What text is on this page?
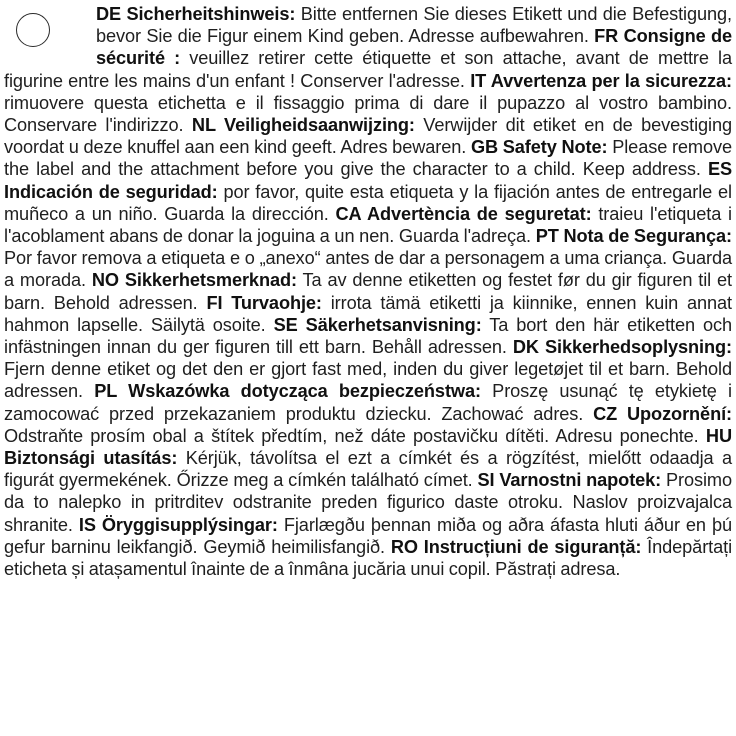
DE Sicherheitshinweis: Bitte entfernen Sie dieses Etikett und die Befestigung, bevor Sie die Figur einem Kind geben. Adresse aufbewahren. FR Consigne de sécurité : veuillez retirer cette étiquette et son attache, avant de mettre la figurine entre les mains d'un enfant ! Conserver l'adresse. IT Avvertenza per la sicurezza: rimuovere questa etichetta e il fissaggio prima di dare il pupazzo al vostro bambino. Conservare l'indirizzo. NL Veiligheidsaanwijzing: Verwijder dit etiket en de bevestiging voordat u deze knuffel aan een kind geeft. Adres bewaren. GB Safety Note: Please remove the label and the attachment before you give the character to a child. Keep address. ES Indicación de seguridad: por favor, quite esta etiqueta y la fijación antes de entregarle el muñeco a un niño. Guarda la dirección. CA Advertència de seguretat: traieu l'etiqueta i l'acoblament abans de donar la joguina a un nen. Guarda l'adreça. PT Nota de Segurança: Por favor remova a etiqueta e o „anexo“ antes de dar a personagem a uma criança. Guarda a morada. NO Sikkerhetsmerknad: Ta av denne etiketten og festet før du gir figuren til et barn. Behold adressen. FI Turvaohje: irrota tämä etiketti ja kiinnike, ennen kuin annat hahmon lapselle. Säilytä osoite. SE Säkerhetsanvisning: Ta bort den här etiketten och infästningen innan du ger figuren till ett barn. Behåll adressen. DK Sikkerhedsoplysning: Fjern denne etiket og det den er gjort fast med, inden du giver legetøjet til et barn. Behold adressen. PL Wskazówka dotycząca bezpieczeństwa: Proszę usunąć tę etykietę i zamocować przed przekazaniem produktu dziecku. Zachować adres. CZ Upozornění: Odstraňte prosím obal a štítek předtím, než dáte postavičku dítěti. Adresu ponechte. HU Biztonsági utasítás: Kérjük, távolítsa el ezt a címkét és a rögzítést, mielőtt odaadja a figurát gyermekének. Őrizze meg a címkén található címet. SI Varnostni napotek: Prosimo da to nalepko in pritrditev odstranite preden figurico daste otroku. Naslov proizvajalca shranite. IS Öryggisupplýsingar: Fjarlægðu þennan miða og aðra áfasta hluti áður en þú gefur barninu leikfangið. Geymið heimilisfangið. RO Instrucțiuni de siguranță: Îndepărtați eticheta și atașamentul înainte de a înmâna jucăria unui copil. Păstrați adresa.
